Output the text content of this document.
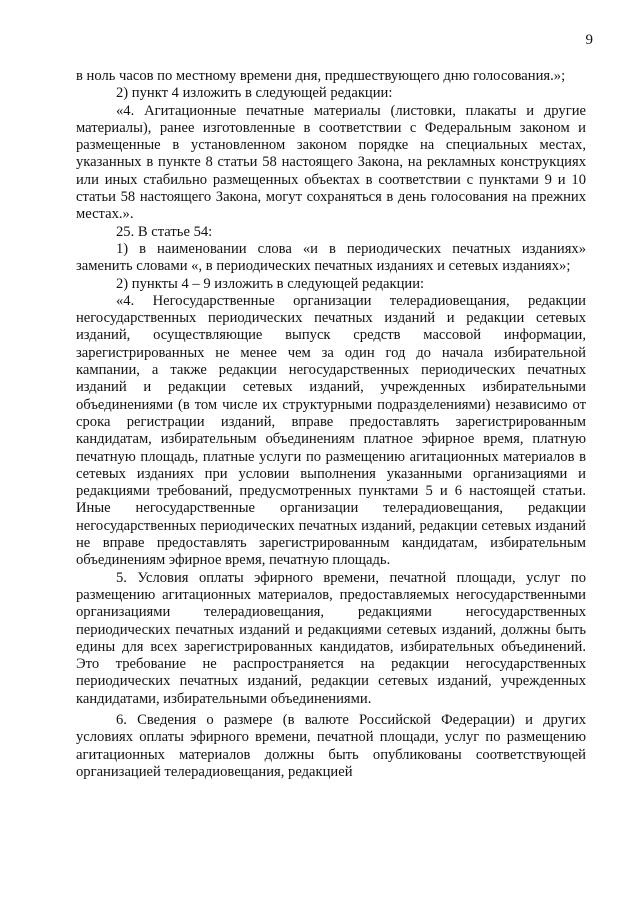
9

в ноль часов по местному времени дня, предшествующего дню голосования.»;

2) пункт 4 изложить в следующей редакции:

«4. Агитационные печатные материалы (листовки, плакаты и другие материалы), ранее изготовленные в соответствии с Федеральным законом и размещенные в установленном законом порядке на специальных местах, указанных в пункте 8 статьи 58 настоящего Закона, на рекламных конструкциях или иных стабильно размещенных объектах в соответствии с пунктами 9 и 10 статьи 58 настоящего Закона, могут сохраняться в день голосования на прежних местах.».

25. В статье 54:

1) в наименовании слова «и в периодических печатных изданиях» заменить словами «, в периодических печатных изданиях и сетевых изданиях»;

2) пункты 4 – 9 изложить в следующей редакции:

«4. Негосударственные организации телерадиовещания, редакции негосударственных периодических печатных изданий и редакции сетевых изданий, осуществляющие выпуск средств массовой информации, зарегистрированных не менее чем за один год до начала избирательной кампании, а также редакции негосударственных периодических печатных изданий и редакции сетевых изданий, учрежденных избирательными объединениями (в том числе их структурными подразделениями) независимо от срока регистрации изданий, вправе предоставлять зарегистрированным кандидатам, избирательным объединениям платное эфирное время, платную печатную площадь, платные услуги по размещению агитационных материалов в сетевых изданиях при условии выполнения указанными организациями и редакциями требований, предусмотренных пунктами 5 и 6 настоящей статьи. Иные негосударственные организации телерадиовещания, редакции негосударственных периодических печатных изданий, редакции сетевых изданий не вправе предоставлять зарегистрированным кандидатам, избирательным объединениям эфирное время, печатную площадь.

5. Условия оплаты эфирного времени, печатной площади, услуг по размещению агитационных материалов, предоставляемых негосударственными организациями телерадиовещания, редакциями негосударственных периодических печатных изданий и редакциями сетевых изданий, должны быть едины для всех зарегистрированных кандидатов, избирательных объединений. Это требование не распространяется на редакции негосударственных периодических печатных изданий, редакции сетевых изданий, учрежденных кандидатами, избирательными объединениями.

6. Сведения о размере (в валюте Российской Федерации) и других условиях оплаты эфирного времени, печатной площади, услуг по размещению агитационных материалов должны быть опубликованы соответствующей организацией телерадиовещания, редакцией
